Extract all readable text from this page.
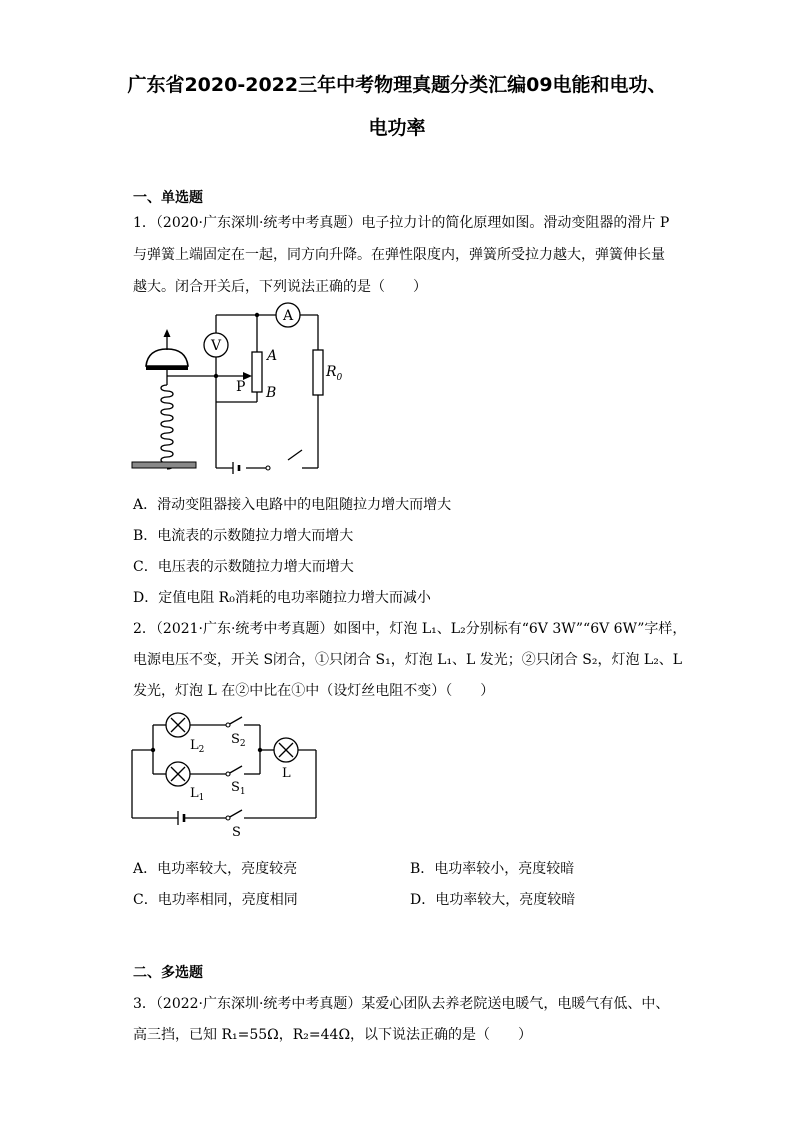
广东省2020-2022三年中考物理真题分类汇编09电能和电功、
电功率
一、单选题
1．（2020·广东深圳·统考中考真题）电子拉力计的简化原理如图。滑动变阻器的滑片 P
与弹簧上端固定在一起，同方向升降。在弹性限度内，弹簧所受拉力越大，弹簧伸长量
越大。闭合开关后，下列说法正确的是（　　）
V
A
A
B
P
$R_0$
A．滑动变阻器接入电路中的电阻随拉力增大而增大
B．电流表的示数随拉力增大而增大
C．电压表的示数随拉力增大而增大
D．定值电阻 R₀消耗的电功率随拉力增大而减小
2．（2021·广东·统考中考真题）如图中，灯泡 L₁、L₂分别标有“6V 3W”“6V 6W”字样，
电源电压不变，开关 S闭合，①只闭合 S₁，灯泡 L₁、L 发光；②只闭合 S₂，灯泡 L₂、L
发光，灯泡 L 在②中比在①中（设灯丝电阻不变）（　　）
$L_2$
$S_2$
$L_1$
$S_1$
L
S
A．电功率较大，亮度较亮	B．电功率较小，亮度较暗
C．电功率相同，亮度相同	D．电功率较大，亮度较暗
二、多选题
3．（2022·广东深圳·统考中考真题）某爱心团队去养老院送电暖气，电暖气有低、中、
高三挡，已知 R₁=55Ω，R₂=44Ω，以下说法正确的是（　　）
